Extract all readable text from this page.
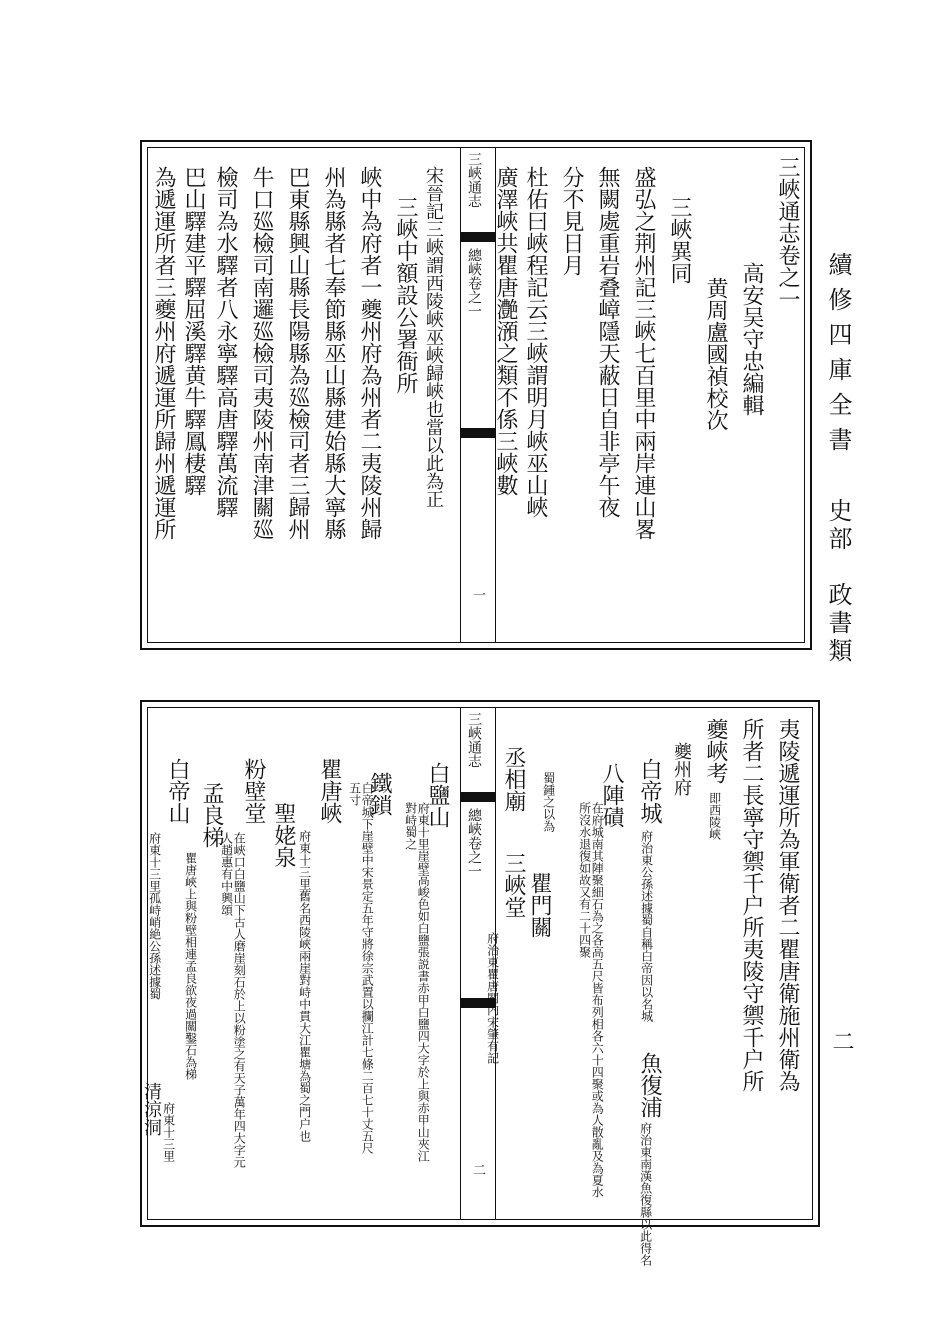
續修四庫全書
史部　政書類
三峽通志
總峽卷之一
一
三峽通志卷之一
高安吴守忠編輯
黄周盧國禎校次
三峽異同
盛弘之荆州記三峽七百里中兩岸連山畧
無闕處重岩叠嶂隱天蔽日自非亭午夜
分不見日月
杜佑曰峽程記云三峽謂明月峽巫山峽
廣澤峽共瞿唐灔澦之類不係三峽數
宋晉記三峽謂西陵峽巫峽歸峽也當以此為正
三峽中額設公署衙所
峽中為府者一夔州府為州者二夷陵州歸
州為縣者七奉節縣巫山縣建始縣大寧縣
巴東縣興山縣長陽縣為廵檢司者三歸州
牛口廵檢司南邏廵檢司夷陵州南津關廵
檢司為水驛者八永寧驛高唐驛萬流驛
巴山驛建平驛屈溪驛黄牛驛鳳棲驛
為遞運所者三夔州府遞運所歸州遞運所
三峽通志
總峽卷之一
二
夷陵遞運所為軍衛者二瞿唐衛施州衛為
所者二長寧守禦千户所夷陵守禦千户所
夔峽考
即西陵峽
夔州府
白帝城
府治東公孫述據蜀自稱白帝因以名城
魚復浦
府治東南漢魚復縣以此得名
八陣磧
在府城南其陣聚細石為之各高五尺皆布列相各六十四聚或為人散亂及為夏水所沒水退復如故又有二十四聚
蜀鍾之以為
瞿門關
丞相廟
三峽堂
府治東瞿唐關内宋肇有記
白鹽山
府東十里崖壁高峻色如白鹽張説書赤甲白鹽四大字於上與赤甲山夾江對峙蜀之
鐵鎖
白帝城下崖壁中宋景定五年守將徐宗武置以攔江計七條二百七十丈五尺五寸
瞿唐峽
府東十三里舊名西陵峽兩崖對峙中貫大江瞿塘為蜀之門户也
聖姥泉
粉壁堂
在峽口白鹽山下古人磨崖刻石於上以粉塗之有天子萬年四大字元人趙惠有中興頌
孟良梯
瞿唐峽上與粉壁相連孟良欲夜過關鑿石為梯
白帝山
府東十三里孤峙峭絶公孫述據蜀
清涼洞 府東十三里
二
